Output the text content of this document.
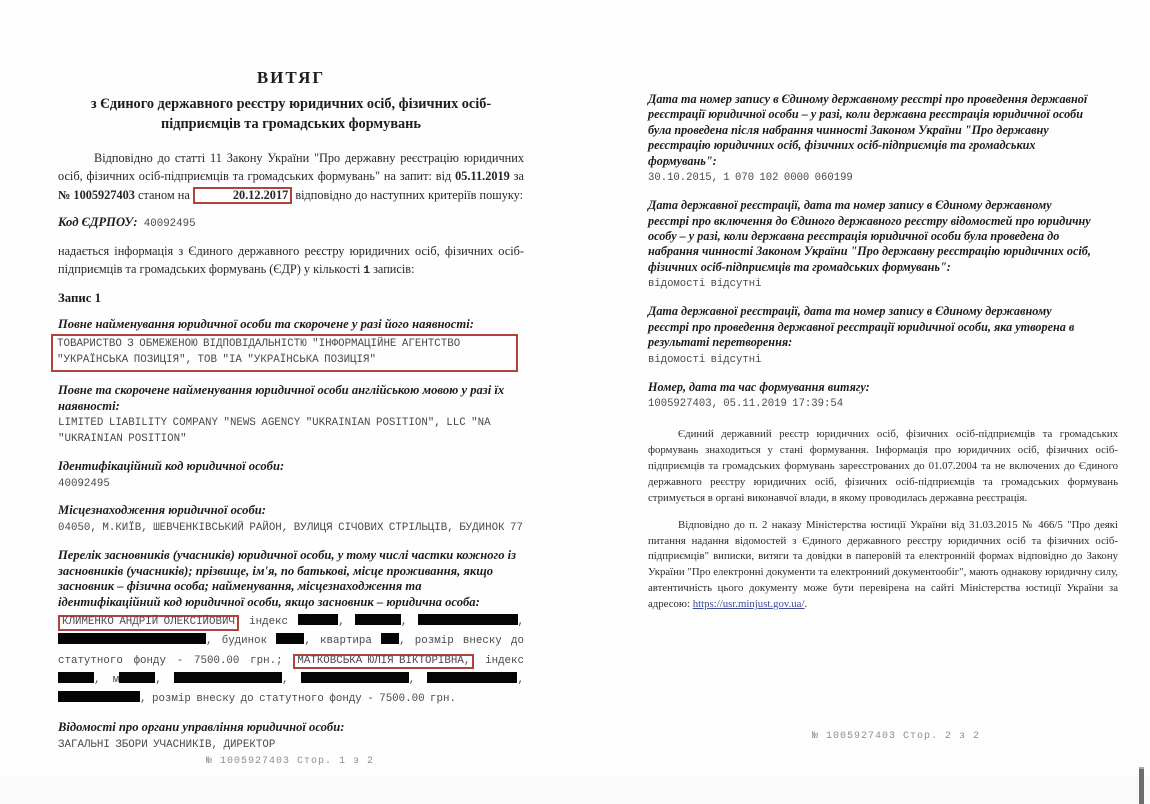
ВИТЯГ
з Єдиного державного реєстру юридичних осіб, фізичних осіб-підприємців та громадських формувань

Відповідно до статті 11 Закону України "Про державну реєстрацію юридичних осіб, фізичних осіб-підприємців та громадських формувань" на запит: від 05.11.2019 за № 1005927403 станом на	20.12.2017 відповідно до наступних критеріїв пошуку:

Код ЄДРПОУ: 40092495

надається інформація з Єдиного державного реєстру юридичних осіб, фізичних осіб-підприємців та громадських формувань (ЄДР) у кількості 1 записів:

Запис 1
Повне найменування юридичної особи та скорочене у разі його наявності:
ТОВАРИСТВО З ОБМЕЖЕНОЮ ВІДПОВІДАЛЬНІСТЮ "ІНФОРМАЦІЙНЕ АГЕНТСТВО "УКРАЇНСЬКА ПОЗИЦІЯ", ТОВ "ІА "УКРАЇНСЬКА ПОЗИЦІЯ"
Повне та скорочене найменування юридичної особи англійською мовою у разі їх наявності:
LIMITED LIABILITY COMPANY "NEWS AGENCY "UKRAINIAN POSITION", LLC "NA "UKRAINIAN POSITION"
Ідентифікаційний код юридичної особи:
40092495
Місцезнаходження юридичної особи:
04050, М.КИЇВ, ШЕВЧЕНКІВСЬКИЙ РАЙОН, ВУЛИЦЯ СІЧОВИХ СТРІЛЬЦІВ, БУДИНОК 77
Перелік засновників (учасників) юридичної особи, у тому числі частки кожного із засновників (учасників); прізвище, ім'я, по батькові, місце проживання, якщо засновник – фізична особа; найменування, місцезнаходження та ідентифікаційний код юридичної особи, якщо засновник – юридична особа:
КЛИМЕНКО АНДРІЙ ОЛЕКСІЙОВИЧ індекс	,	,	, , будинок	, квартира , розмір внеску до статутного фонду - 7500.00 грн.; МАТКОВСЬКА ЮЛІЯ ВІКТОРІВНА, індекс , м	,	,	,	, , розмір внеску до статутного фонду - 7500.00 грн.
Відомості про органи управління юридичної особи:
ЗАГАЛЬНІ ЗБОРИ УЧАСНИКІВ, ДИРЕКТОР
Дата та номер запису в Єдиному державному реєстрі про проведення державної реєстрації юридичної особи – у разі, коли державна реєстрація юридичної особи була проведена після набрання чинності Законом України "Про державну реєстрацію юридичних осіб, фізичних осіб-підприємців та громадських формувань":
30.10.2015, 1 070 102 0000 060199
Дата державної реєстрації, дата та номер запису в Єдиному державному реєстрі про включення до Єдиного державного реєстру відомостей про юридичну особу – у разі, коли державна реєстрація юридичної особи була проведена до набрання чинності Законом України "Про державну реєстрацію юридичних осіб, фізичних осіб-підприємців та громадських формувань":
відомості відсутні
Дата державної реєстрації, дата та номер запису в Єдиному державному реєстрі про проведення державної реєстрації юридичної особи, яка утворена в результаті перетворення:
відомості відсутні
Номер, дата та час формування витягу:
1005927403, 05.11.2019 17:39:54

Єдиний державний реєстр юридичних осіб, фізичних осіб-підприємців та громадських формувань знаходиться у стані формування. Інформація про юридичних осіб, фізичних осіб-підприємців та громадських формувань зареєстрованих до 01.07.2004 та не включених до Єдиного державного реєстру юридичних осіб, фізичних осіб-підприємців та громадських формувань стримується в органі виконавчої влади, в якому проводилась державна реєстрація.

Відповідно до п. 2 наказу Міністерства юстиції України від 31.03.2015 № 466/5 "Про деякі питання надання відомостей з Єдиного державного реєстру юридичних осіб та фізичних осіб-підприємців" виписки, витяги та довідки в паперовій та електронній формах відповідно до Закону України "Про електронні документи та електронний документообіг", мають однакову юридичну силу, автентичність цього документу може бути перевірена на сайті Міністерства юстиції України за адресою: https://usr.minjust.gov.ua/.

№ 1005927403 Стор. 1 з 2
№ 1005927403 Стор. 2 з 2
